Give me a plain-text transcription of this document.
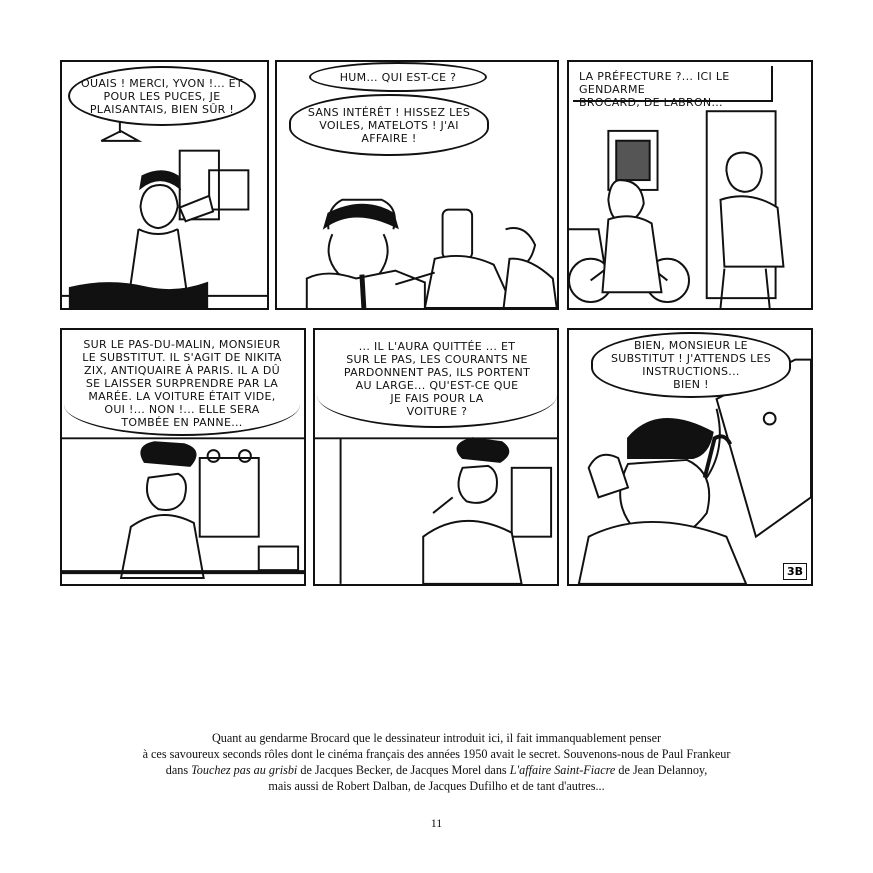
OUAIS ! MERCI, YVON !... ET
POUR LES PUCES, JE
PLAISANTAIS, BIEN SÛR !
HUM... QUI EST-CE ?
SANS INTÉRÊT ! HISSEZ LES
VOILES, MATELOTS ! J'AI
AFFAIRE !
LA PRÉFECTURE ?... ICI LE GENDARME
BROCARD, DE LABRON...
SUR LE PAS-DU-MALIN, MONSIEUR
LE SUBSTITUT. IL S'AGIT DE NIKITA
ZIX, ANTIQUAIRE À PARIS. IL A DÛ
SE LAISSER SURPRENDRE PAR LA
MARÉE. LA VOITURE ÉTAIT VIDE,
OUI !... NON !... ELLE SERA
TOMBÉE EN PANNE...
... IL L'AURA QUITTÉE ... ET
SUR LE PAS, LES COURANTS NE
PARDONNENT PAS, ILS PORTENT
AU LARGE... QU'EST-CE QUE
JE FAIS POUR LA
VOITURE ?
BIEN, MONSIEUR LE
SUBSTITUT ! J'ATTENDS LES
INSTRUCTIONS...
BIEN !
3B
Quant au gendarme Brocard que le dessinateur introduit ici, il fait immanquablement penser
à ces savoureux seconds rôles dont le cinéma français des années 1950 avait le secret. Souvenons-nous de Paul Frankeur
dans Touchez pas au grisbi de Jacques Becker, de Jacques Morel dans L'affaire Saint-Fiacre de Jean Delannoy,
mais aussi de Robert Dalban, de Jacques Dufilho et de tant d'autres...
11
